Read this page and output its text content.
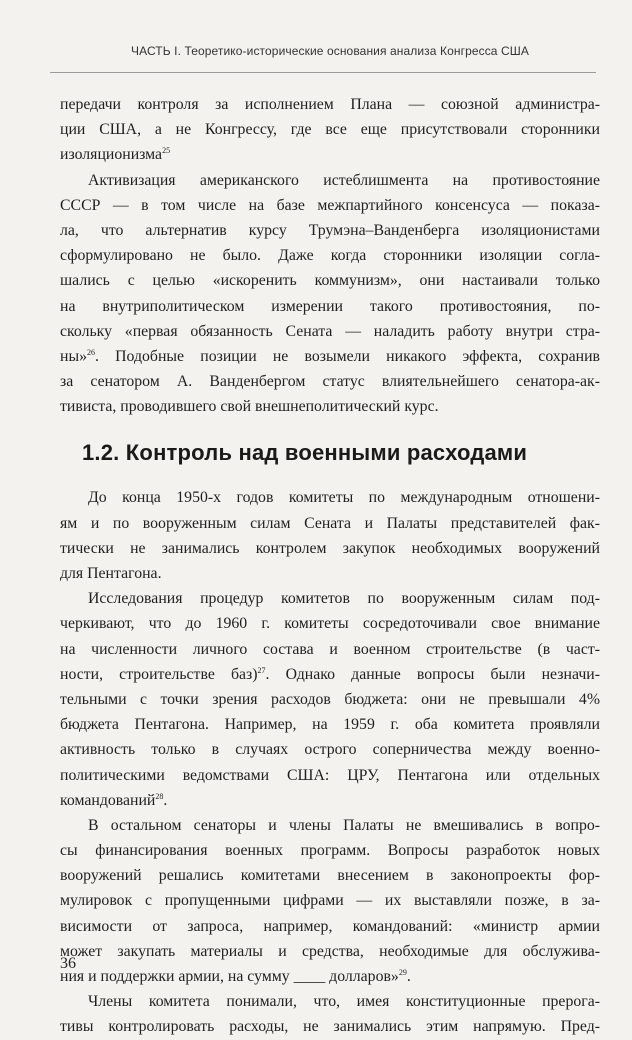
ЧАСТЬ I. Теоретико-исторические основания анализа Конгресса США
передачи контроля за исполнением Плана — союзной администра-
ции США, а не Конгрессу, где все еще присутствовали сторонники
изоляционизма$^{25}$
Активизация американского истеблишмента на противостояние
СССР — в том числе на базе межпартийного консенсуса — показа-
ла, что альтернатив курсу Трумэна–Ванденберга изоляционистами
сформулировано не было. Даже когда сторонники изоляции согла-
шались с целью «искоренить коммунизм», они настаивали только
на внутриполитическом измерении такого противостояния, по-
скольку «первая обязанность Сената — наладить работу внутри стра-
ны»$^{26}$. Подобные позиции не возымели никакого эффекта, сохранив
за сенатором А. Ванденбергом статус влиятельнейшего сенатора-ак-
тивиста, проводившего свой внешнеполитический курс.
1.2. Контроль над военными расходами
До конца 1950-х годов комитеты по международным отношени-
ям и по вооруженным силам Сената и Палаты представителей фак-
тически не занимались контролем закупок необходимых вооружений
для Пентагона.
Исследования процедур комитетов по вооруженным силам под-
черкивают, что до 1960 г. комитеты сосредоточивали свое внимание
на численности личного состава и военном строительстве (в част-
ности, строительстве баз)$^{27}$. Однако данные вопросы были незначи-
тельными с точки зрения расходов бюджета: они не превышали 4%
бюджета Пентагона. Например, на 1959 г. оба комитета проявляли
активность только в случаях острого соперничества между военно-
политическими ведомствами США: ЦРУ, Пентагона или отдельных
командований$^{28}$.
В остальном сенаторы и члены Палаты не вмешивались в вопро-
сы финансирования военных программ. Вопросы разработок новых
вооружений решались комитетами внесением в законопроекты фор-
мулировок с пропущенными цифрами — их выставляли позже, в за-
висимости от запроса, например, командований: «министр армии
может закупать материалы и средства, необходимые для обслужива-
ния и поддержки армии, на сумму ____ долларов»$^{29}$.
Члены комитета понимали, что, имея конституционные прерога-
тивы контролировать расходы, не занимались этим напрямую. Пред-
36
